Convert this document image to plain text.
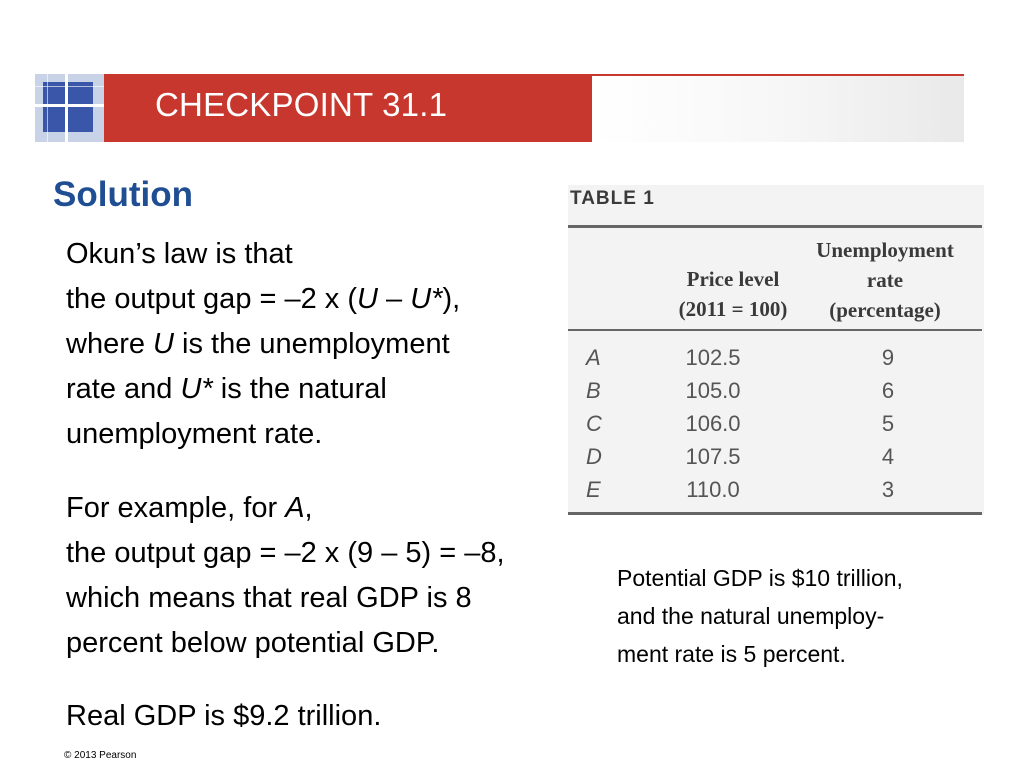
CHECKPOINT 31.1
Solution
Okun’s law is that
the output gap = –2 x (U – U*),
where U is the unemployment
rate and U* is the natural
unemployment rate.
For example, for A,
the output gap = –2 x (9 – 5) = –8,
which means that real GDP is 8
percent below potential GDP.
Real GDP is $9.2 trillion.
TABLE 1
Price level
(2011 = 100)
Unemployment
rate
(percentage)
A	102.5	9
B	105.0	6
C	106.0	5
D	107.5	4
E	110.0	3
Potential GDP is $10 trillion,
and the natural unemploy-
ment rate is 5 percent.
© 2013 Pearson
